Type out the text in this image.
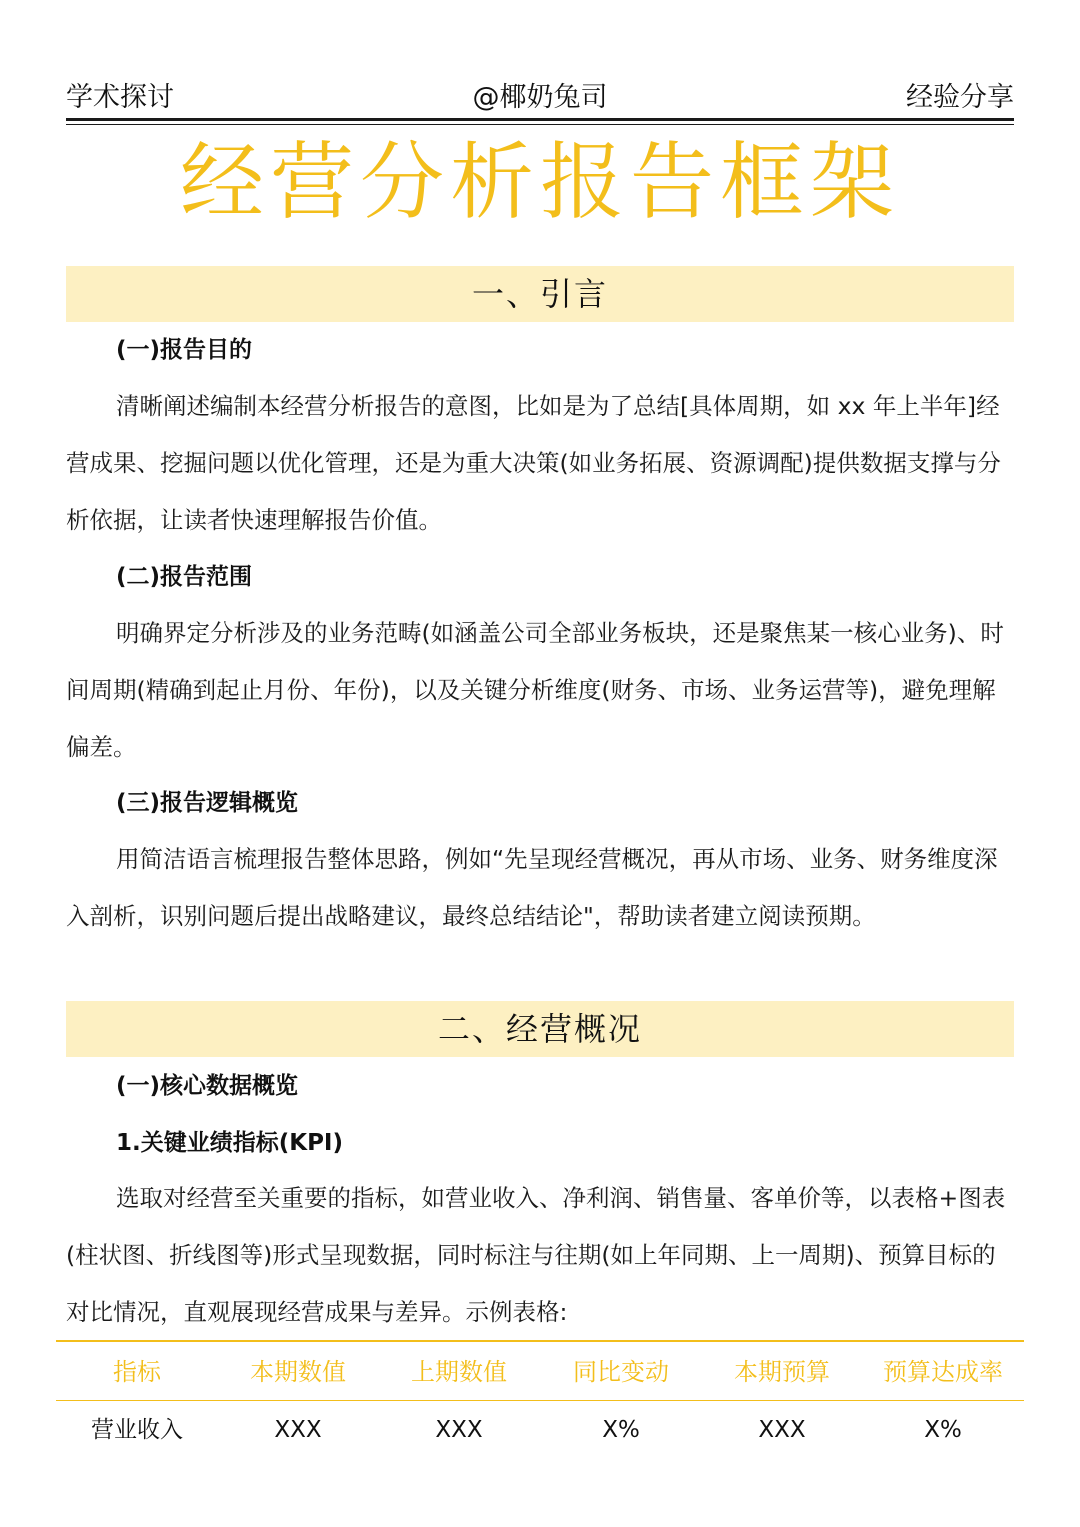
学术探讨	@椰奶兔司	经验分享
经营分析报告框架
一、引言
(一)报告目的

清晰阐述编制本经营分析报告的意图，比如是为了总结[具体周期，如 xx 年上半年]经营成果、挖掘问题以优化管理，还是为重大决策(如业务拓展、资源调配)提供数据支撑与分析依据，让读者快速理解报告价值。

(二)报告范围

明确界定分析涉及的业务范畴(如涵盖公司全部业务板块，还是聚焦某一核心业务)、时间周期(精确到起止月份、年份)，以及关键分析维度(财务、市场、业务运营等)，避免理解偏差。

(三)报告逻辑概览

用简洁语言梳理报告整体思路，例如“先呈现经营概况，再从市场、业务、财务维度深入剖析，识别问题后提出战略建议，最终总结结论"，帮助读者建立阅读预期。

二、经营概况
(一)核心数据概览
1.关键业绩指标(KPI)

选取对经营至关重要的指标，如营业收入、净利润、销售量、客单价等，以表格+图表(柱状图、折线图等)形式呈现数据，同时标注与往期(如上年同期、上一周期)、预算目标的对比情况，直观展现经营成果与差异。示例表格:

指标	本期数值	上期数值	同比变动	本期预算	预算达成率
营业收入	XXX	XXX	X%	XXX	X%
